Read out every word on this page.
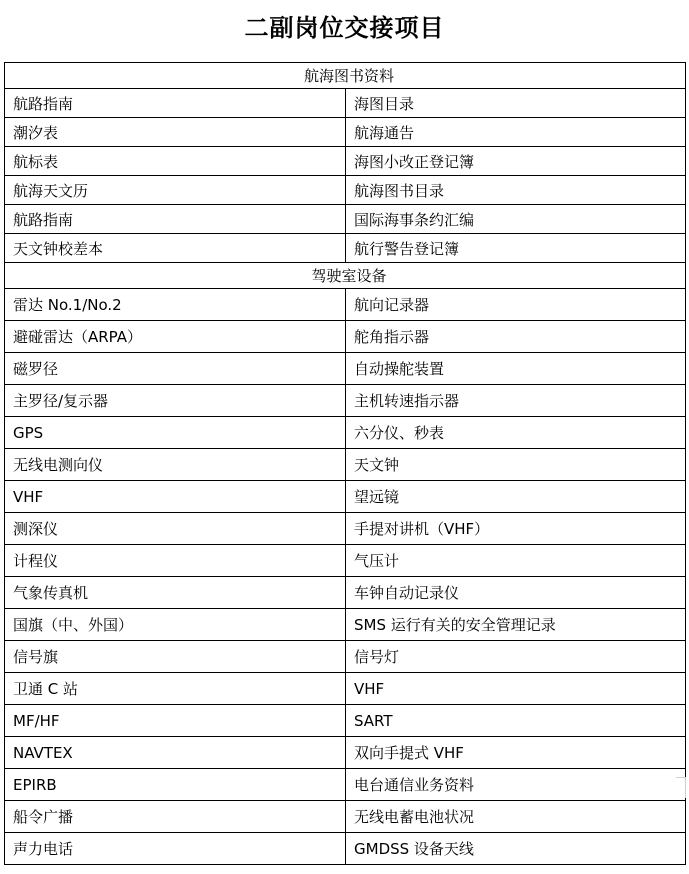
二副岗位交接项目
航海图书资料	
航路指南	海图目录
潮汐表	航海通告
航标表	海图小改正登记簿
航海天文历	航海图书目录
航路指南	国际海事条约汇编
天文钟校差本	航行警告登记簿
驾驶室设备	
雷达 No.1/No.2	航向记录器
避碰雷达（ARPA）	舵角指示器
磁罗径	自动操舵装置
主罗径/复示器	主机转速指示器
GPS	六分仪、秒表
无线电测向仪	天文钟
VHF	望远镜
测深仪	手提对讲机（VHF）
计程仪	气压计
气象传真机	车钟自动记录仪
国旗（中、外国）	SMS 运行有关的安全管理记录
信号旗	信号灯
卫通 C 站	VHF
MF/HF	SART
NAVTEX	双向手提式 VHF
EPIRB	电台通信业务资料
船令广播	无线电蓄电池状况
声力电话	GMDSS 设备天线
